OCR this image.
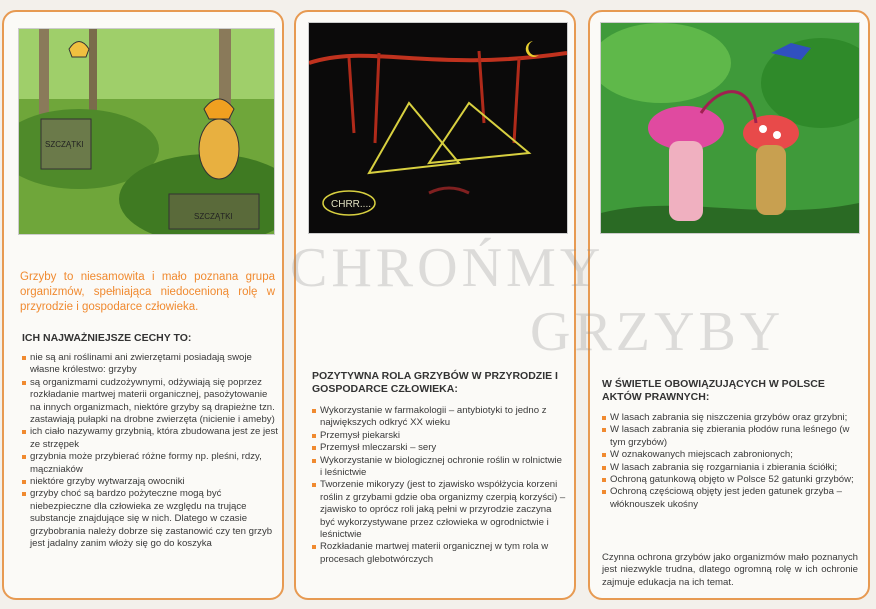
SZCZĄTKI
SZCZĄTKI
Grzyby to niesamowita i mało poznana grupa organizmów, spełniająca niedocenioną rolę w przyrodzie i gospodarce człowieka.
ICH NAJWAŻNIEJSZE CECHY TO:
nie są ani roślinami ani zwierzętami posiadają swoje własne królestwo: grzyby
są organizmami cudzożywnymi, odżywiają się poprzez rozkładanie martwej materii organicznej, pasożytowanie na innych organizmach, niektóre grzyby są drapieżne tzn. zastawiają pułapki na drobne zwierzęta (nicienie i ameby)
ich ciało nazywamy grzybnią, która zbudowana jest ze jest ze strzępek
grzybnia może przybierać różne formy np. pleśni, rdzy, mączniaków
niektóre grzyby wytwarzają owocniki
grzyby choć są bardzo pożyteczne mogą być niebezpieczne dla człowieka ze względu na trujące substancje znajdujące się w nich. Dlatego w czasie grzybobrania należy dobrze się zastanowić czy ten grzyb jest jadalny zanim włoży się go do koszyka
CHRR....
POZYTYWNA ROLA GRZYBÓW W PRZYRODZIE I GOSPODARCE CZŁOWIEKA:
Wykorzystanie w farmakologii – antybiotyki to jedno z największych odkryć XX wieku
Przemysł piekarski
Przemysł mleczarski – sery
Wykorzystanie w biologicznej ochronie roślin w rolnictwie i leśnictwie
Tworzenie mikoryzy (jest to zjawisko współżycia korzeni roślin z grzybami gdzie oba organizmy czerpią korzyści) – zjawisko to oprócz roli jaką pełni w przyrodzie zaczyna być wykorzystywane przez człowieka w ogrodnictwie i leśnictwie
Rozkładanie martwej materii organicznej w tym rola w procesach glebotwórczych
W ŚWIETLE OBOWIĄZUJĄCYCH W POLSCE AKTÓW PRAWNYCH:
W lasach zabrania się niszczenia grzybów oraz grzybni;
W lasach zabrania się zbierania płodów runa leśnego (w tym grzybów)
W oznakowanych miejscach zabronionych;
W lasach zabrania się rozgarniania i zbierania ściółki;
Ochroną gatunkową objęto w Polsce 52 gatunki grzybów;
Ochroną częściową objęty jest jeden gatunek grzyba – włóknouszek ukośny
Czynna ochrona grzybów jako organizmów mało poznanych jest niezwykle trudna, dlatego ogromną rolę w ich ochronie zajmuje edukacja na ich temat.
CHROŃMY
GRZYBY
